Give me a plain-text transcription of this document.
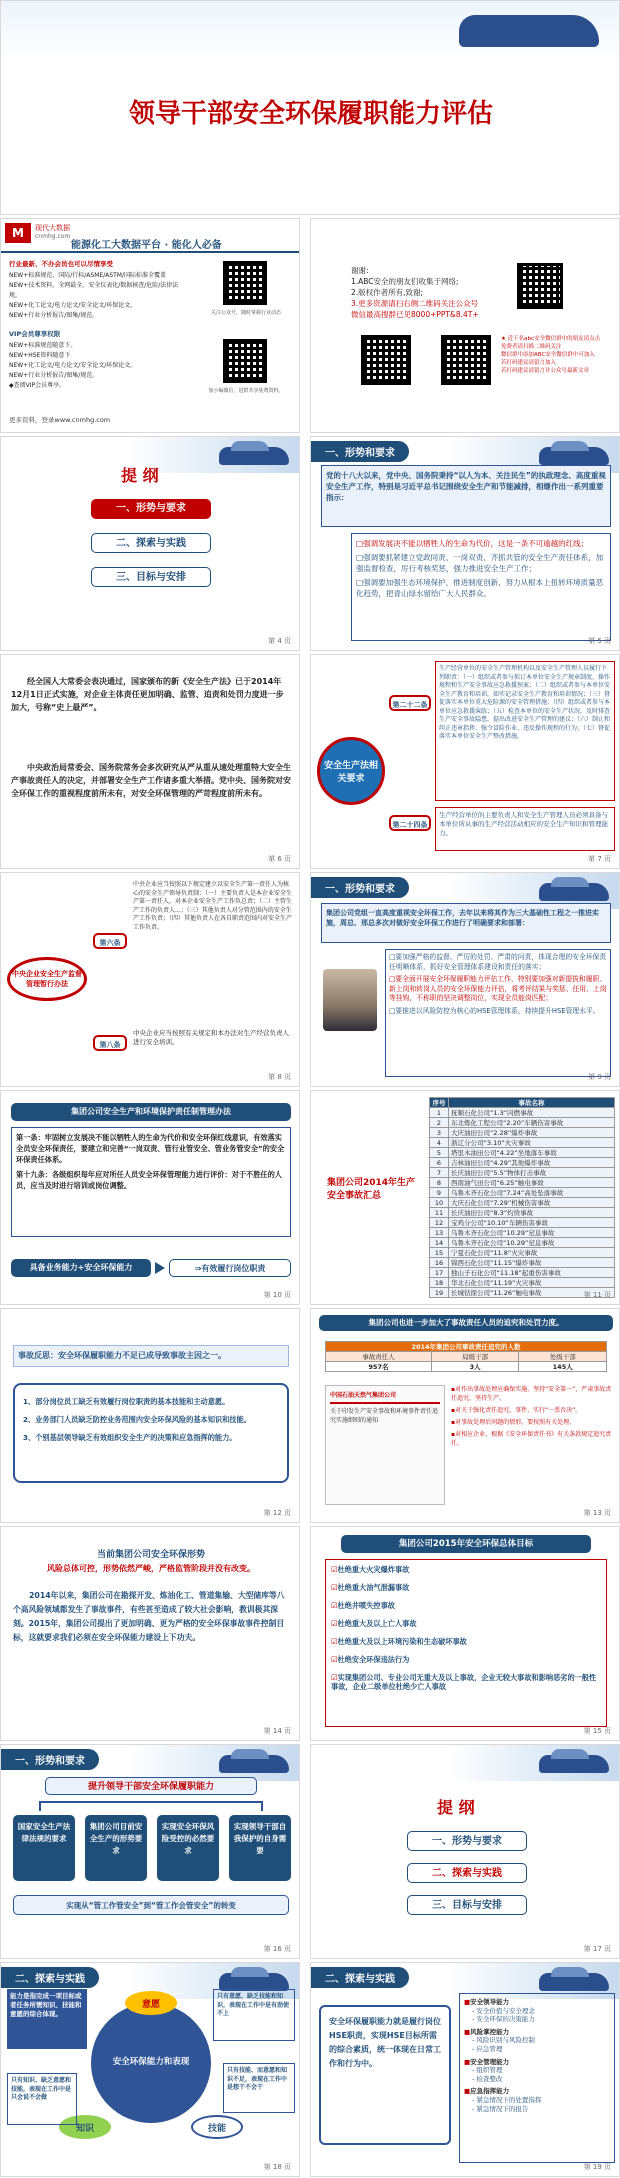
领导干部安全环保履职能力评估
M	现代大数据
cnmhg.com
能源化工大数据平台 · 能化人必备
行业最新、不办会员也可以尽情享受
NEW+标准规范、国际/行标/ASME/ASTM/国际标准全覆盖
NEW+技术资料、全网最全、安全仪表化/数据核查/危险/法律法规。
NEW+化工论文/电力论文/安全论文/环保论文。
NEW+行业分析报告/图集/规范。
VIP会员尊享权限
NEW+标准规范随意下。
NEW+HSE资料随意下
NEW+化工论文/电力论文/安全论文/环保论文。
NEW+行业分析报告/图集/规范。
◆查阅VIP会员尊享。
更多资料，登录www.cnmhg.com
关注公众号，随时掌握行业动态
加小编微信，进群共享免费资料。
谢谢:
1.ABC安全的朋友们收集于网络;
2.版权作者所有,致谢;
3.更多资源请扫右侧二维码关注公众号
微信最高搜群已见8000+PPT&8.4T+
★ 近千名abc安全微信群中的朋友请点击
免费者请扫描二维码关注
微信群中添加ABC安全微信群中可加入
若打码建议请留言加入
若打码建议请留言并公众号最新文章
提 纲
一、形势与要求
二、探索与实践
三、目标与安排
第 4 页
一、形势和要求
党的十八大以来，党中央、国务院秉持“以人为本、关注民生”的执政理念、高度重视安全生产工作，特别是习近平总书记围绕安全生产和节能减排，相继作出一系列重要指示：
□强调发展决不能以牺牲人的生命为代价，这是一条不可逾越的红线；
□强调要抓紧建立党政同责、一岗双责、齐抓共管的安全生产责任体系，加强监督检查，厉行考核奖惩，强力推进安全生产工作；
□强调要加强生态环境保护，推进制度创新，努力从根本上扭转环境质量恶化趋势，把青山绿水留给广大人民群众。
第 5 页
经全国人大常委会表决通过，国家颁布的新《安全生产法》已于2014年12月1日正式实施，对企业主体责任更加明确、监管、追责和处罚力度进一步加大，号称“史上最严”。
中央政治局常委会、国务院常务会多次研究从严从重从速处理重特大安全生产事故责任人的决定，并部署安全生产工作诸多重大举措。党中央、国务院对安全环保工作的重视程度前所未有，对安全环保管理的严苛程度前所未有。
第 6 页
安全生产法相关要求
第二十二条
第二十四条
生产经营单位的安全生产管理机构以及安全生产管理人员履行下列职责：（一）组织或者参与拟订本单位安全生产规章制度、操作规程和生产安全事故应急救援预案；（二）组织或者参与本单位安全生产教育和培训，如实记录安全生产教育和培训情况；（三）督促落实本单位重大危险源的安全管理措施；（四）组织或者参与本单位应急救援演练；（五）检查本单位的安全生产状况，及时排查生产安全事故隐患，提出改进安全生产管理的建议；（六）制止和纠正违章指挥、强令冒险作业、违反操作规程的行为；（七）督促落实本单位安全生产整改措施。
生产经营单位的主要负责人和安全生产管理人员必须具备与本单位所从事的生产经营活动相应的安全生产知识和管理能力。
第 7 页
中央企业安全生产监督管理暂行办法
第六条
第八条
中央企业应当按照以下规定建立以安全生产第一责任人为核心的安全生产领导负责制：（一）主要负责人是本企业安全生产第一责任人，对本企业安全生产工作负总责；（二）主管生产工作的负责人...；（三）其他负责人对分管范围内的安全生产工作负责；（四）其他负责人在各自职责范围内对安全生产工作负责。
中央企业应当按照有关规定和本办法对生产经营负责人进行安全培训。
第 8 页
一、形势和要求
集团公司党组一直高度重视安全环保工作，去年以来将其作为三大基础性工程之一推进实施，周总、邢总多次对做好安全环保工作进行了明确要求和部署：
□要加强严格的监督、严厉的处罚、严肃的问责，体现合理的安全环保责任明晰体系，抓好安全管理体系建设和责任的落实；
□要全面开展安全环保履职能力评估工作，特别要加强对新提拔和履职、新上岗和转岗人员的安全环保能力评估，将考评结果与奖惩、任用、上岗等挂钩，不称职的坚决调整岗位，实现全员能岗匹配；
□要推进以风险防控为核心的HSE管理体系，持续提升HSE管理水平。
第 9 页
集团公司安全生产和环境保护责任制管理办法
第一条：牢固树立发展决不能以牺牲人的生命为代价和安全环保红线意识，有效落实全员安全环保责任，要建立和完善“一岗双责、管行业管安全、管业务管安全”的安全环保责任体系。
第十九条：各级组织每年应对所任人员安全环保管理能力进行评价：对于不胜任的人员，应当及时进行培训或岗位调整。
具备业务能力+安全环保能力	⇒有效履行岗位职责
第 10 页
集团公司2014年生产安全事故汇总
序号	事故名称
1	抚顺石化公司“1.3”闪燃事故
2	东北炼化工程公司“2.20”车辆伤害事故
3	大庆油田公司“2.28”爆炸事故
4	浙辽分公司“3.10”火灾事故
5	塔里木油田公司“4.22”坐地落车事故
6	吉林油田公司“4.29”其他爆炸事故
7	长庆油田公司“5.5”物体打击事故
8	西南油气田公司“6.25”触电事故
9	乌鲁木齐石化公司“7.24”高处坠落事故
10	大庆石化公司“7.29”机械伤害事故
11	长庆油田公司“8.3”灼烫事故
12	宝鸡分公司“10.10”车辆伤害事故
13	乌鲁木齐石化公司“10.29”窒息事故
14	乌鲁木齐石化公司“10.29”窒息事故
15	宁夏石化公司“11.8”火灾事故
16	锦西石化公司“11.15”爆炸事故
17	独山子石化公司“11.18”起重伤害事故
18	华北石化公司“11.19”火灾事故
19	长城钻探公司“11.26”触电事故	第 11 页
事故反思：安全环保履职能力不足已成导致事故主因之一。
1、部分岗位员工缺乏有效履行岗位职责的基本技能和主动意愿。
2、业务部门人员缺乏防控业务范围内安全环保风险的基本知识和技能。
3、个别基层领导缺乏有效组织安全生产的决策和应急指挥的能力。
第 12 页
集团公司也进一步加大了事故责任人员的追究和处罚力度。
2014年集团公司事故责任追究的人数		
事故责任人	局级干部	处级干部
957名	3人	145人
中国石油天然气集团公司
关于印发生产安全事故和环境事件责任追究实施细则的通知
▪对作出事故处理应确保实施，坚持“安全第一”，严肃事故责任追究，坚持生产。
▪对关于强化责任追究、事件、实行“一票否决”。
▪对事故处理后问题的情形，要按照有关处理。
▪对相应企业、根据《安全环保责任书》有关条款规定追究责任。
第 13 页
当前集团公司安全环保形势
风险总体可控，形势依然严峻，严格监管阶段并没有改变。
2014年以来，集团公司在勘探开发、炼油化工、管道集输、大型储库等八个高风险领域都发生了事故事件，有些甚至造成了较大社会影响，教训极其深刻。2015年，集团公司提出了更加明确、更为严格的安全环保事故事件控制目标，这就要求我们必须在安全环保能力建设上下功夫。
第 14 页
集团公司2015年安全环保总体目标
☑杜绝重大火灾爆炸事故
☑杜绝重大油气泄漏事故
☑杜绝井喷失控事故
☑杜绝重大及以上亡人事故
☑杜绝重大及以上环境污染和生态破坏事故
☑杜绝安全环保违法行为
☑实现集团公司、专业公司无重大及以上事故，企业无较大事故和影响恶劣的一般性事故，企业二级单位杜绝少亡人事故
第 15 页
一、形势和要求
提升领导干部安全环保履职能力
国家安全生产法律法规的要求
集团公司目前安全生产的形势要求
实现安全环保风险受控的必然要求
实现领导干部自我保护的自身需要
实现从“管工作管安全”到“管工作会管安全”的转变
第 16 页
提 纲
一、形势与要求
二、探索与实践
三、目标与安排
第 17 页
二、探索与实践
安全环保能力和表现
意愿
知识	技能
能力是指完成一项目标或者任务所需知识、技能和意愿的综合体现。
只有知识、缺乏意愿和技能，表现在工作中是只会说不会做
只有意愿、缺乏技能和知识，表现在工作中是有劲使不上
只有技能、而意愿和知识不足，表现在工作中是想干不会干
第 18 页
二、探索与实践
安全环保履职能力就是履行岗位HSE职责，实现HSE目标所需的综合素质，统一体现在日常工作和行为中。
■安全领导能力
- 安全价值与安全理念
- 安全环保的决策能力
■风险掌控能力
- 风险识别与风险控制
- 应急管理
■安全管理能力
- 组织管理
- 检查整改
■应急指挥能力
- 紧急情况下的处置指挥
- 紧急情况下的报告
第 19 页
